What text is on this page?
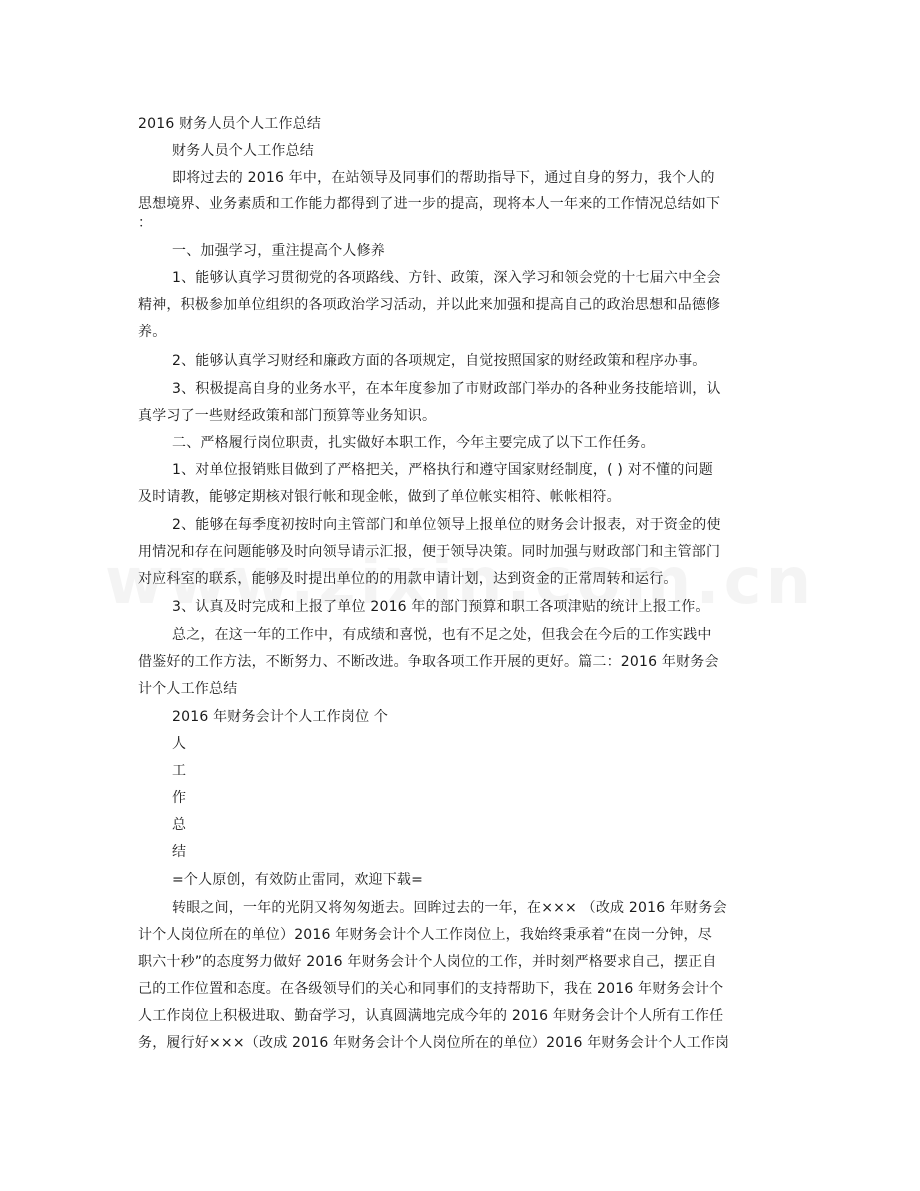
2016 财务人员个人工作总结
财务人员个人工作总结
即将过去的 2016 年中，在站领导及同事们的帮助指导下，通过自身的努力，我个人的
思想境界、业务素质和工作能力都得到了进一步的提高，现将本人一年来的工作情况总结如下
：
一、加强学习，重注提高个人修养
1、能够认真学习贯彻党的各项路线、方针、政策，深入学习和领会党的十七届六中全会
精神，积极参加单位组织的各项政治学习活动，并以此来加强和提高自己的政治思想和品德修
养。
2、能够认真学习财经和廉政方面的各项规定，自觉按照国家的财经政策和程序办事。
3、积极提高自身的业务水平，在本年度参加了市财政部门举办的各种业务技能培训，认
真学习了一些财经政策和部门预算等业务知识。
二、严格履行岗位职责，扎实做好本职工作，今年主要完成了以下工作任务。
1、对单位报销账目做到了严格把关，严格执行和遵守国家财经制度，( ) 对不懂的问题
及时请教，能够定期核对银行帐和现金帐，做到了单位帐实相符、帐帐相符。
2、能够在每季度初按时向主管部门和单位领导上报单位的财务会计报表，对于资金的使
用情况和存在问题能够及时向领导请示汇报，便于领导决策。同时加强与财政部门和主管部门
对应科室的联系，能够及时提出单位的的用款申请计划，达到资金的正常周转和运行。
3、认真及时完成和上报了单位 2016 年的部门预算和职工各项津贴的统计上报工作。
总之，在这一年的工作中，有成绩和喜悦，也有不足之处，但我会在今后的工作实践中
借鉴好的工作方法，不断努力、不断改进。争取各项工作开展的更好。篇二：2016 年财务会
计个人工作总结
2016 年财务会计个人工作岗位 个
人
工
作
总
结
=个人原创，有效防止雷同，欢迎下载=
转眼之间，一年的光阴又将匆匆逝去。回眸过去的一年，在××× （改成 2016 年财务会
计个人岗位所在的单位）2016 年财务会计个人工作岗位上，我始终秉承着“在岗一分钟，尽
职六十秒”的态度努力做好 2016 年财务会计个人岗位的工作，并时刻严格要求自己，摆正自
己的工作位置和态度。在各级领导们的关心和同事们的支持帮助下，我在 2016 年财务会计个
人工作岗位上积极进取、勤奋学习，认真圆满地完成今年的 2016 年财务会计个人所有工作任
务，履行好×××（改成 2016 年财务会计个人岗位所在的单位）2016 年财务会计个人工作岗
